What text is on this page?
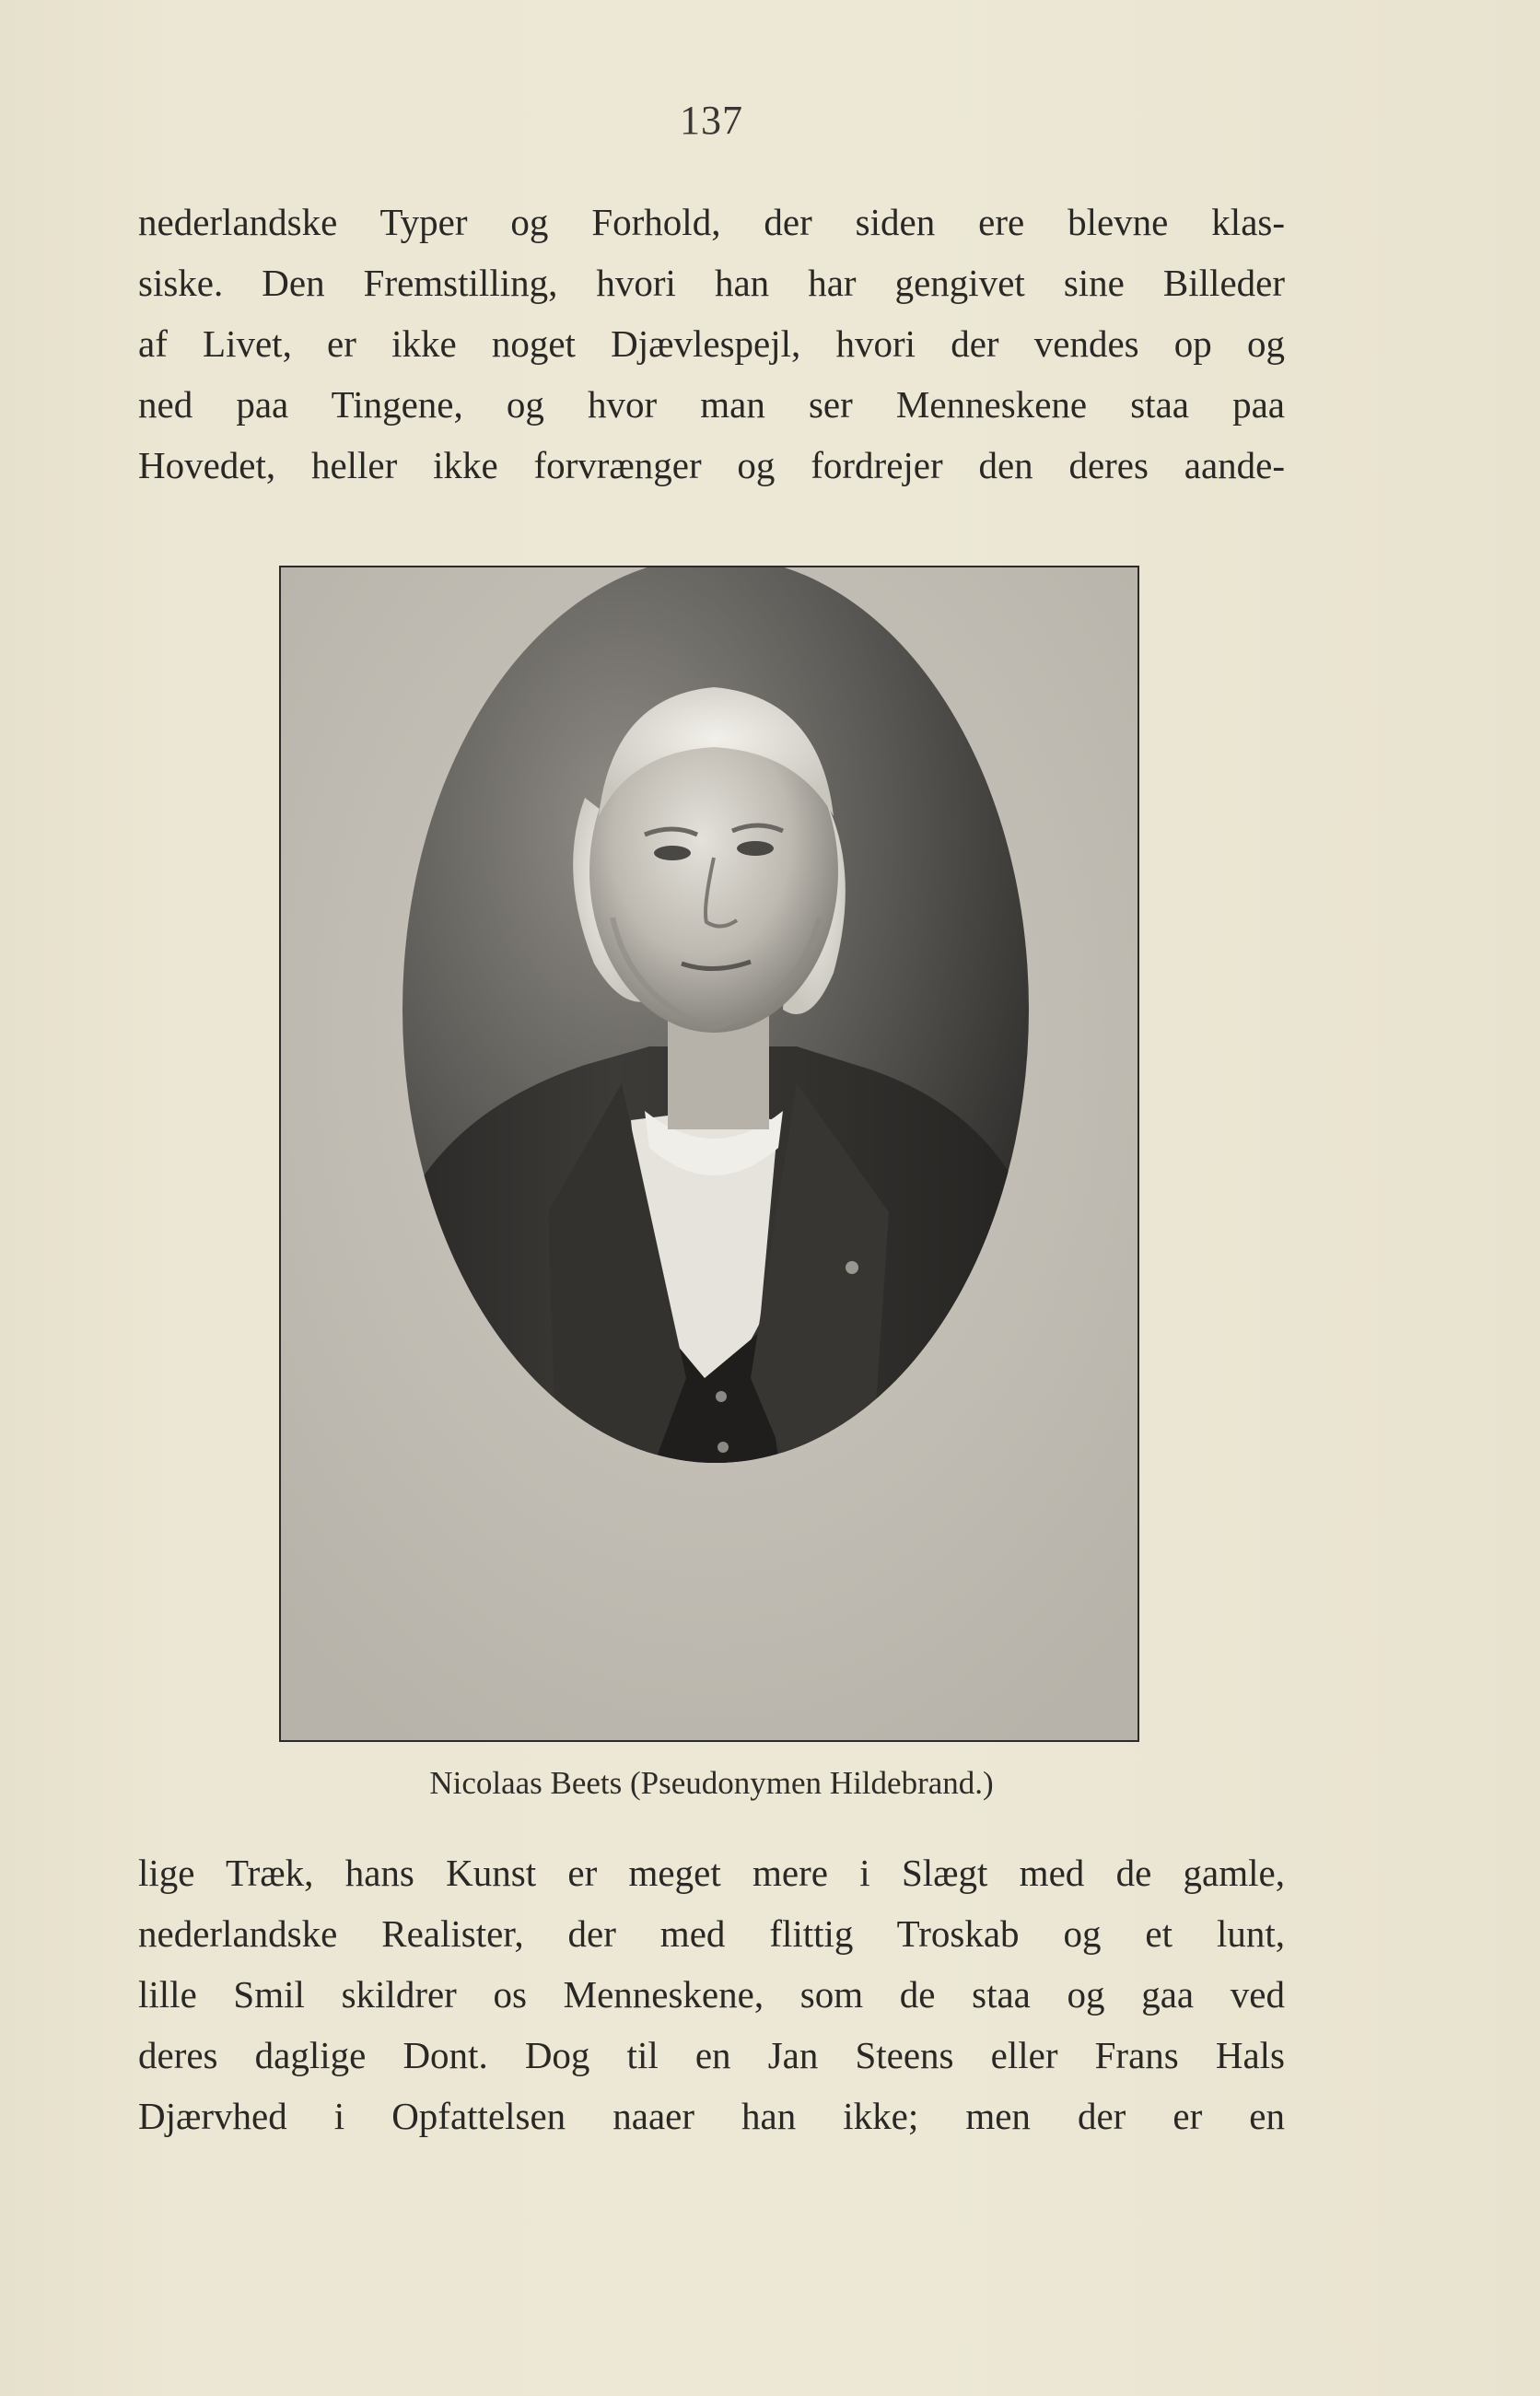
137
nederlandske Typer og Forhold, der siden ere blevne klas-
siske. Den Fremstilling, hvori han har gengivet sine Billeder
af Livet, er ikke noget Djævlespejl, hvori der vendes op og
ned paa Tingene, og hvor man ser Menneskene staa paa
Hovedet, heller ikke forvrænger og fordrejer den deres aande-
Nicolaas Beets (Pseudonymen Hildebrand.)
lige Træk, hans Kunst er meget mere i Slægt med de gamle,
nederlandske Realister, der med flittig Troskab og et lunt,
lille Smil skildrer os Menneskene, som de staa og gaa ved
deres daglige Dont. Dog til en Jan Steens eller Frans Hals
Djærvhed i Opfattelsen naaer han ikke; men der er en
